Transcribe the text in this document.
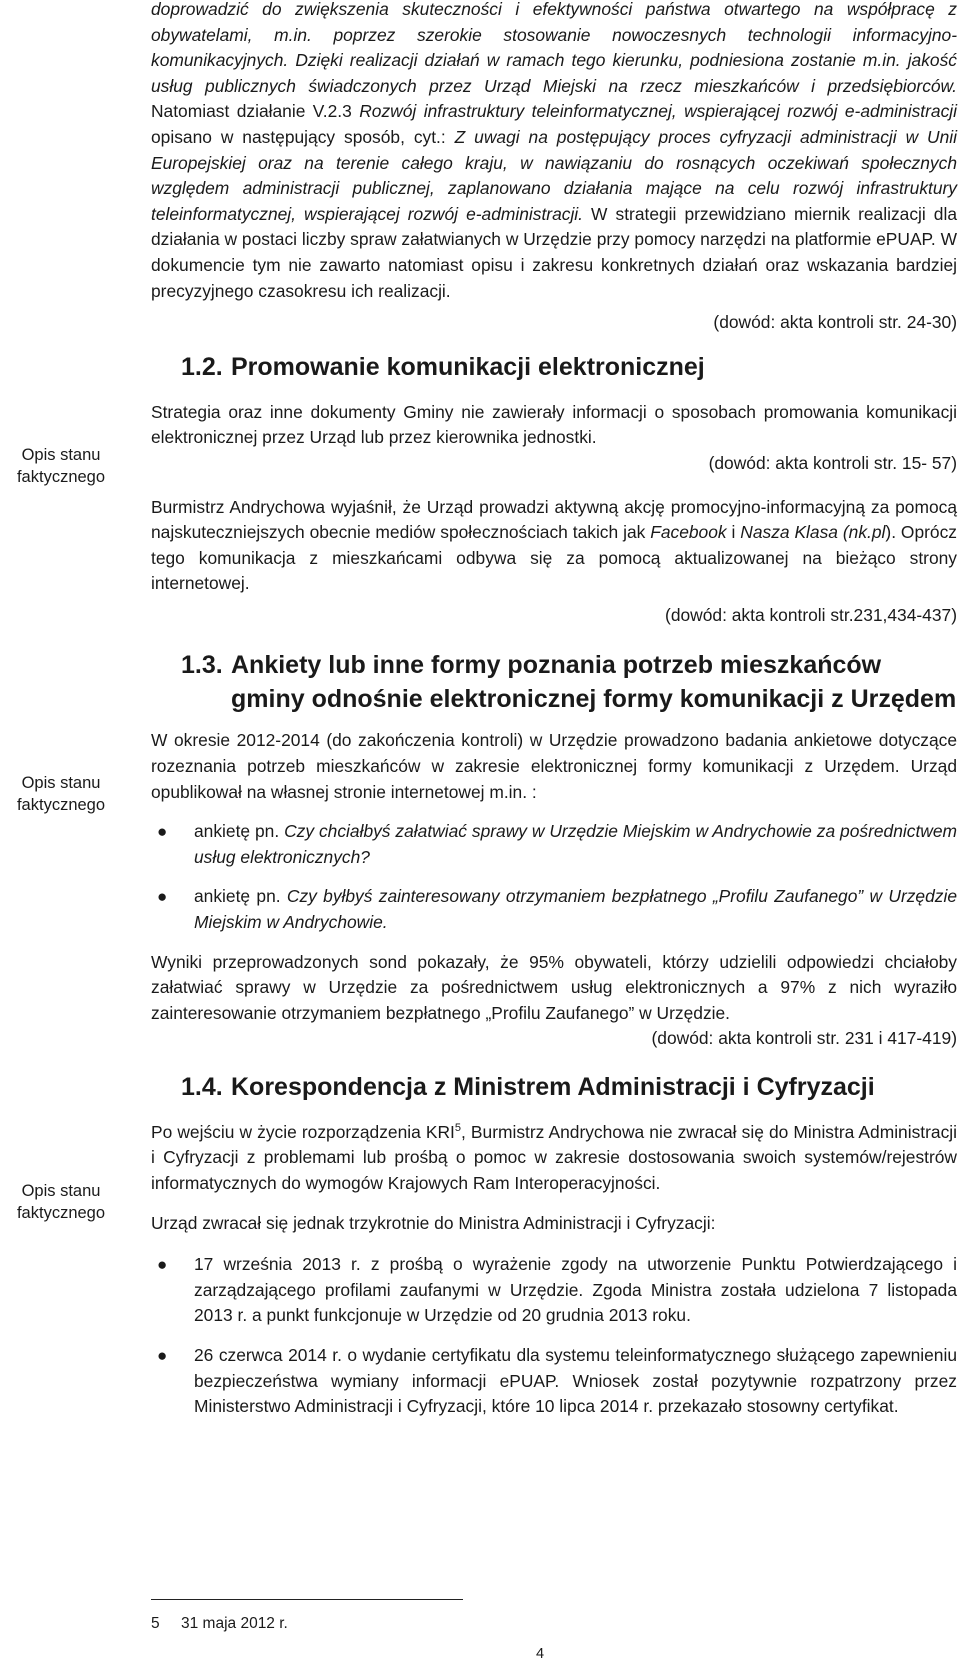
Opis stanu faktycznego
Opis stanu faktycznego
Opis stanu faktycznego

doprowadzić do zwiększenia skuteczności i efektywności państwa otwartego na współpracę z obywatelami, m.in. poprzez szerokie stosowanie nowoczesnych technologii informacyjno-komunikacyjnych. Dzięki realizacji działań w ramach tego kierunku, podniesiona zostanie m.in. jakość usług publicznych świadczonych przez Urząd Miejski na rzecz mieszkańców i przedsiębiorców. Natomiast działanie V.2.3 Rozwój infrastruktury teleinformatycznej, wspierającej rozwój e-administracji opisano w następujący sposób, cyt.: Z uwagi na postępujący proces cyfryzacji administracji w Unii Europejskiej oraz na terenie całego kraju, w nawiązaniu do rosnących oczekiwań społecznych względem administracji publicznej, zaplanowano działania mające na celu rozwój infrastruktury teleinformatycznej, wspierającej rozwój e-administracji. W strategii przewidziano miernik realizacji dla działania w postaci liczby spraw załatwianych w Urzędzie przy pomocy narzędzi na platformie ePUAP. W dokumencie tym nie zawarto natomiast opisu i zakresu konkretnych działań oraz wskazania bardziej precyzyjnego czasokresu ich realizacji.

(dowód: akta kontroli str. 24-30)
1.2. Promowanie komunikacji elektronicznej

Strategia oraz inne dokumenty Gminy nie zawierały informacji o sposobach promowania komunikacji elektronicznej przez Urząd lub przez kierownika jednostki.

(dowód: akta kontroli str. 15- 57)

Burmistrz Andrychowa wyjaśnił, że Urząd prowadzi aktywną akcję promocyjno-informacyjną za pomocą najskuteczniejszych obecnie mediów społecznościach takich jak Facebook i Nasza Klasa (nk.pl). Oprócz tego komunikacja z mieszkańcami odbywa się za pomocą aktualizowanej na bieżąco strony internetowej.

(dowód: akta kontroli str.231,434-437)
1.3. Ankiety lub inne formy poznania potrzeb mieszkańców
gminy odnośnie elektronicznej formy komunikacji z Urzędem

W okresie 2012-2014 (do zakończenia kontroli) w Urzędzie prowadzono badania ankietowe dotyczące rozeznania potrzeb mieszkańców w zakresie elektronicznej formy komunikacji z Urzędem. Urząd opublikował na własnej stronie internetowej m.in. :

● ankietę pn. Czy chciałbyś załatwiać sprawy w Urzędzie Miejskim w Andrychowie za pośrednictwem usług elektronicznych?

● ankietę pn. Czy byłbyś zainteresowany otrzymaniem bezpłatnego „Profilu Zaufanego” w Urzędzie Miejskim w Andrychowie.

Wyniki przeprowadzonych sond pokazały, że 95% obywateli, którzy udzielili odpowiedzi chciałoby załatwiać sprawy w Urzędzie za pośrednictwem usług elektronicznych a 97% z nich wyraziło zainteresowanie otrzymaniem bezpłatnego „Profilu Zaufanego” w Urzędzie.

(dowód: akta kontroli str. 231 i 417-419)
1.4. Korespondencja z Ministrem Administracji i Cyfryzacji

Po wejściu w życie rozporządzenia KRI$^5$, Burmistrz Andrychowa nie zwracał się do Ministra Administracji i Cyfryzacji z problemami lub prośbą o pomoc w zakresie dostosowania swoich systemów/rejestrów informatycznych do wymogów Krajowych Ram Interoperacyjności.

Urząd zwracał się jednak trzykrotnie do Ministra Administracji i Cyfryzacji:

● 17 września 2013 r. z prośbą o wyrażenie zgody na utworzenie Punktu Potwierdzającego i zarządzającego profilami zaufanymi w Urzędzie. Zgoda Ministra została udzielona 7 listopada 2013 r. a punkt funkcjonuje w Urzędzie od 20 grudnia 2013 roku.

● 26 czerwca 2014 r. o wydanie certyfikatu dla systemu teleinformatycznego służącego zapewnieniu bezpieczeństwa wymiany informacji ePUAP. Wniosek został pozytywnie rozpatrzony przez Ministerstwo Administracji i Cyfryzacji, które 10 lipca 2014 r. przekazało stosowny certyfikat.

5 31 maja 2012 r.
4
